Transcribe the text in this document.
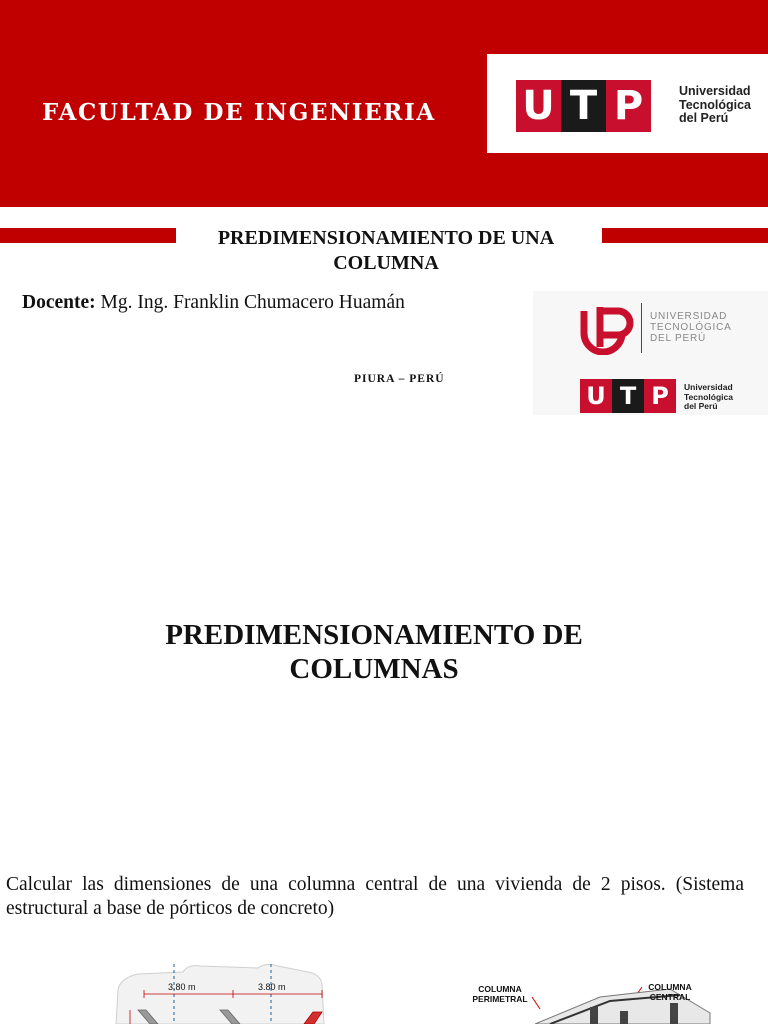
FACULTAD DE INGENIERIA U T P	Universidad
Tecnológica
del Perú
PREDIMENSIONAMIENTO DE UNA COLUMNA
Docente: Mg. Ing. Franklin Chumacero Huamán
PIURA – PERÚ
UNIVERSIDAD
TECNOLÓGICA
DEL PERÚ
U T P	Universidad
Tecnológica
del Perú
PREDIMENSIONAMIENTO DE
COLUMNAS
Calcular las dimensiones de una columna central de una vivienda de 2 pisos. (Sistema estructural a base de pórticos de concreto)
3.80 m	3.80 m	COLUMNA
PERIMETRAL
COLUMNA
CENTRAL
